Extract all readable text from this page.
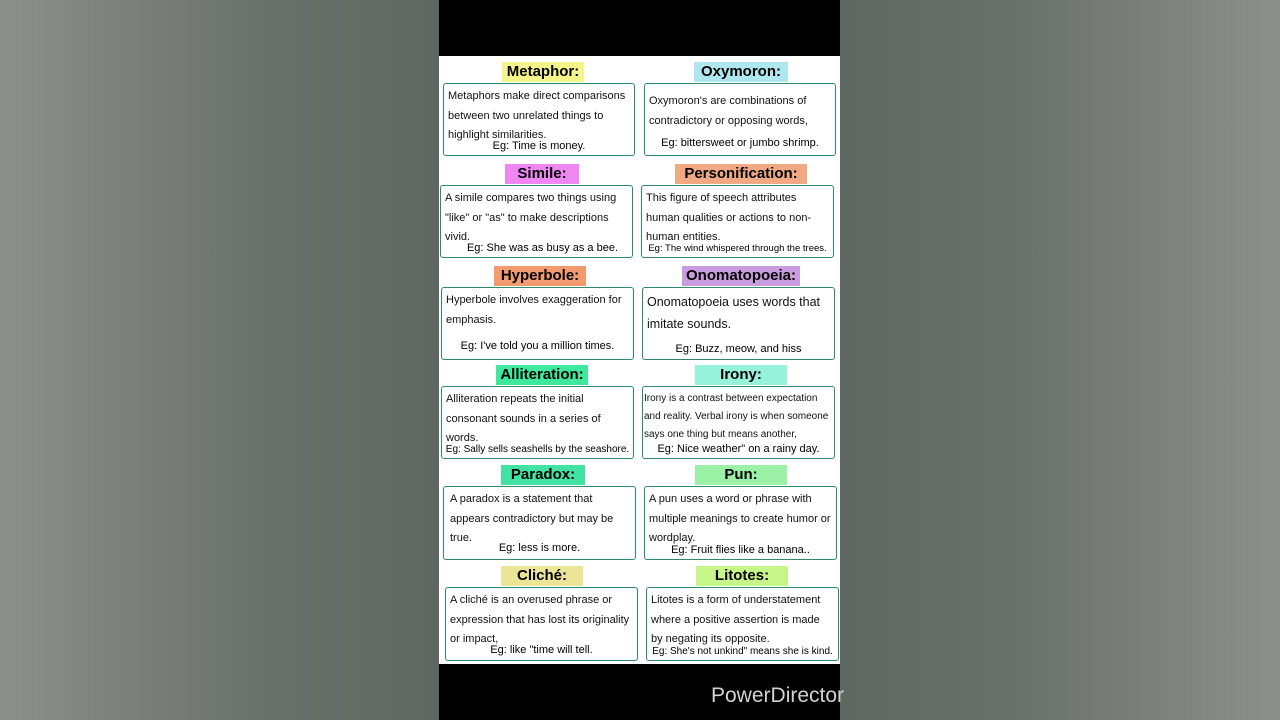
Metaphor:
Metaphors make direct comparisons between two unrelated things to highlight similarities.
Eg: Time is money.
Oxymoron:
Oxymoron's are combinations of contradictory or opposing words,
Eg: bittersweet or jumbo shrimp.
Simile:
A simile compares two things using "like" or "as" to make descriptions vivid.
Eg: She was as busy as a bee.
Personification:
This figure of speech attributes human qualities or actions to non-human entities.
Eg: The wind whispered through the trees.
Hyperbole:
Hyperbole involves exaggeration for emphasis.
Eg: I've told you a million times.
Onomatopoeia:
Onomatopoeia uses words that imitate sounds.
Eg: Buzz, meow, and hiss
Alliteration:
Alliteration repeats the initial consonant sounds in a series of words.
Eg: Sally sells seashells by the seashore.
Irony:
Irony is a contrast between expectation and reality. Verbal irony is when someone says one thing but means another,
Eg: Nice weather" on a rainy day.
Paradox:
A paradox is a statement that appears contradictory but may be true.
Eg: less is more.
Pun:
A pun uses a word or phrase with multiple meanings to create humor or wordplay.
Eg: Fruit flies like a banana..
Cliché:
A cliché is an overused phrase or expression that has lost its originality or impact,
Eg: like "time will tell.
Litotes:
Litotes is a form of understatement where a positive assertion is made by negating its opposite.
Eg: She's not unkind" means she is kind.
PowerDirector
